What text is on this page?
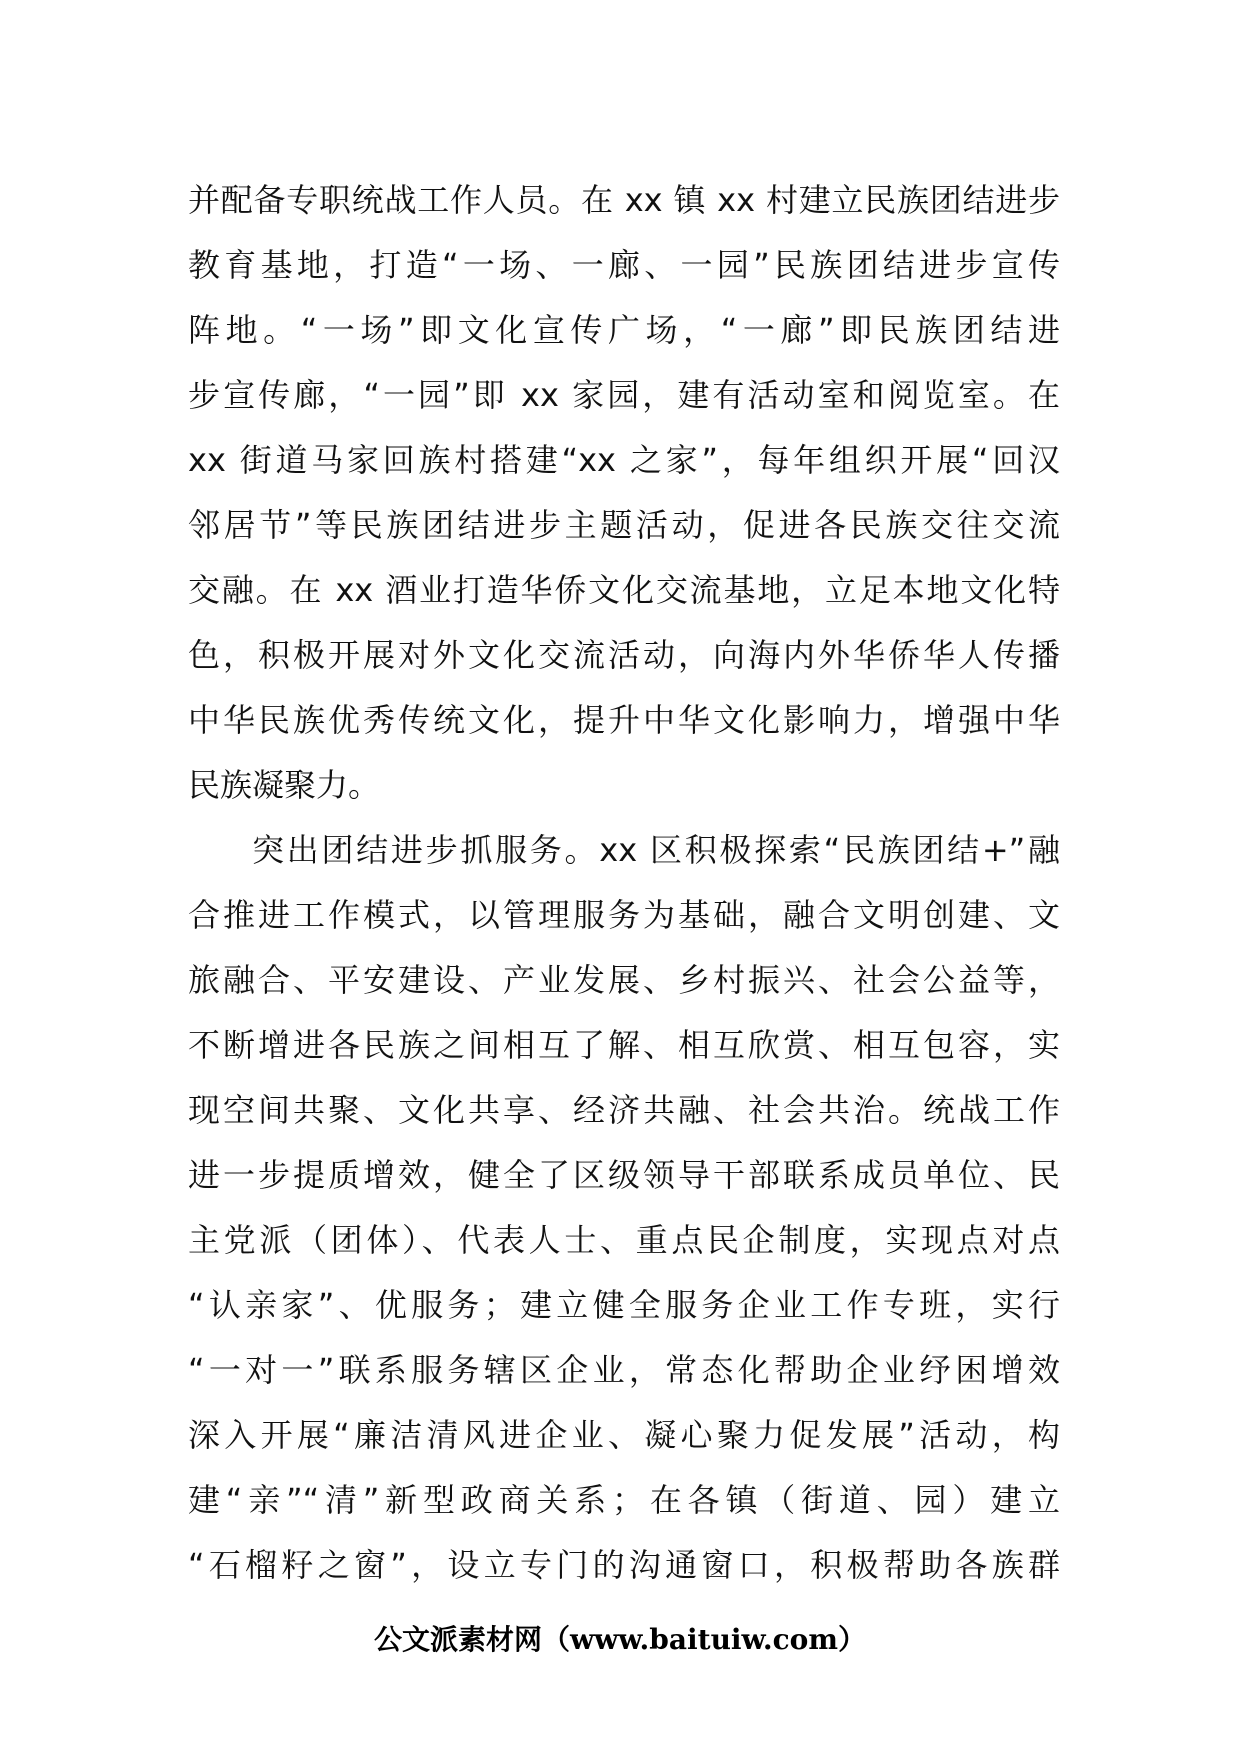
并配备专职统战工作人员。在 xx 镇 xx 村建立民族团结进步
教育基地，打造“一场、一廊、一园”民族团结进步宣传
阵地。“一场”即文化宣传广场，“一廊”即民族团结进
步宣传廊，“一园”即 xx 家园，建有活动室和阅览室。在
xx 街道马家回族村搭建“xx 之家”，每年组织开展“回汉
邻居节”等民族团结进步主题活动，促进各民族交往交流
交融。在 xx 酒业打造华侨文化交流基地，立足本地文化特
色，积极开展对外文化交流活动，向海内外华侨华人传播
中华民族优秀传统文化，提升中华文化影响力，增强中华
民族凝聚力。
突出团结进步抓服务。xx 区积极探索“民族团结+”融
合推进工作模式，以管理服务为基础，融合文明创建、文
旅融合、平安建设、产业发展、乡村振兴、社会公益等，
不断增进各民族之间相互了解、相互欣赏、相互包容，实
现空间共聚、文化共享、经济共融、社会共治。统战工作
进一步提质增效，健全了区级领导干部联系成员单位、民
主党派（团体）、代表人士、重点民企制度，实现点对点
“认亲家”、优服务；建立健全服务企业工作专班，实行
“一对一”联系服务辖区企业，常态化帮助企业纾困增效
深入开展“廉洁清风进企业、凝心聚力促发展”活动，构
建“亲”“清”新型政商关系；在各镇（街道、园）建立
“石榴籽之窗”，设立专门的沟通窗口，积极帮助各族群
公文派素材网（www.baituiw.com）
